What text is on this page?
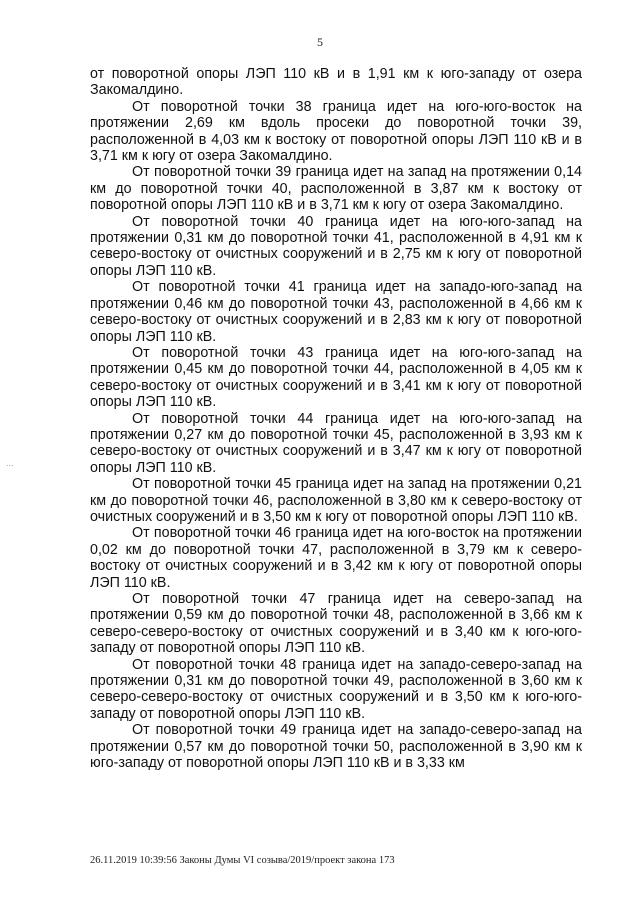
5
...

от поворотной опоры ЛЭП 110 кВ и в 1,91 км к юго-западу от озера Закомалдино.

От поворотной точки 38 граница идет на юго-юго-восток на протяжении 2,69 км вдоль просеки до поворотной точки 39, расположенной в 4,03 км к востоку от поворотной опоры ЛЭП 110 кВ и в 3,71 км к югу от озера Закомалдино.

От поворотной точки 39 граница идет на запад на протяжении 0,14 км до поворотной точки 40, расположенной в 3,87 км к востоку от поворотной опоры ЛЭП 110 кВ и в 3,71 км к югу от озера Закомалдино.

От поворотной точки 40 граница идет на юго-юго-запад на протяжении 0,31 км до поворотной точки 41, расположенной в 4,91 км к северо-востоку от очистных сооружений и в 2,75 км к югу от поворотной опоры ЛЭП 110 кВ.

От поворотной точки 41 граница идет на западо-юго-запад на протяжении 0,46 км до поворотной точки 43, расположенной в 4,66 км к северо-востоку от очистных сооружений и в 2,83 км к югу от поворотной опоры ЛЭП 110 кВ.

От поворотной точки 43 граница идет на юго-юго-запад на протяжении 0,45 км до поворотной точки 44, расположенной в 4,05 км к северо-востоку от очистных сооружений и в 3,41 км к югу от поворотной опоры ЛЭП 110 кВ.

От поворотной точки 44 граница идет на юго-юго-запад на протяжении 0,27 км до поворотной точки 45, расположенной в 3,93 км к северо-востоку от очистных сооружений и в 3,47 км к югу от поворотной опоры ЛЭП 110 кВ.

От поворотной точки 45 граница идет на запад на протяжении 0,21 км до поворотной точки 46, расположенной в 3,80 км к северо-востоку от очистных сооружений и в 3,50 км к югу от поворотной опоры ЛЭП 110 кВ.

От поворотной точки 46 граница идет на юго-восток на протяжении 0,02 км до поворотной точки 47, расположенной в 3,79 км к северо-востоку от очистных сооружений и в 3,42 км к югу от поворотной опоры ЛЭП 110 кВ.

От поворотной точки 47 граница идет на северо-запад на протяжении 0,59 км до поворотной точки 48, расположенной в 3,66 км к северо-северо-востоку от очистных сооружений и в 3,40 км к юго-юго-западу от поворотной опоры ЛЭП 110 кВ.

От поворотной точки 48 граница идет на западо-северо-запад на протяжении 0,31 км до поворотной точки 49, расположенной в 3,60 км к северо-северо-востоку от очистных сооружений и в 3,50 км к юго-юго-западу от поворотной опоры ЛЭП 110 кВ.

От поворотной точки 49 граница идет на западо-северо-запад на протяжении 0,57 км до поворотной точки 50, расположенной в 3,90 км к юго-западу от поворотной опоры ЛЭП 110 кВ и в 3,33 км

26.11.2019 10:39:56 Законы Думы VI созыва/2019/проект закона 173
